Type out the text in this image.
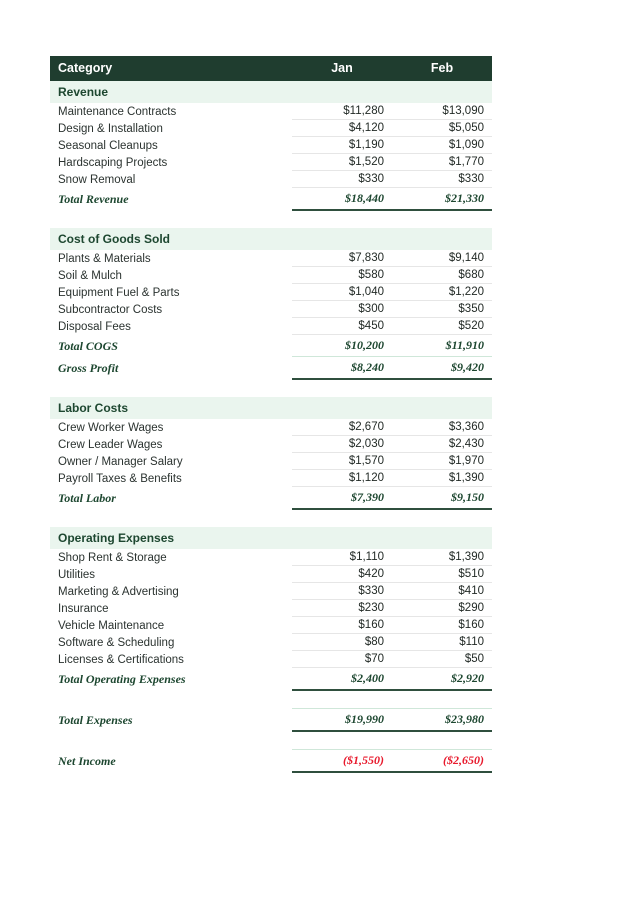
Category	Jan	Feb
Revenue		
Maintenance Contracts	$11,280	$13,090
Design & Installation	$4,120	$5,050
Seasonal Cleanups	$1,190	$1,090
Hardscaping Projects	$1,520	$1,770
Snow Removal	$330	$330
Total Revenue	$18,440	$21,330

Cost of Goods Sold		
Plants & Materials	$7,830	$9,140
Soil & Mulch	$580	$680
Equipment Fuel & Parts	$1,040	$1,220
Subcontractor Costs	$300	$350
Disposal Fees	$450	$520
Total COGS	$10,200	$11,910
Gross Profit	$8,240	$9,420

Labor Costs		
Crew Worker Wages	$2,670	$3,360
Crew Leader Wages	$2,030	$2,430
Owner / Manager Salary	$1,570	$1,970
Payroll Taxes & Benefits	$1,120	$1,390
Total Labor	$7,390	$9,150

Operating Expenses		
Shop Rent & Storage	$1,110	$1,390
Utilities	$420	$510
Marketing & Advertising	$330	$410
Insurance	$230	$290
Vehicle Maintenance	$160	$160
Software & Scheduling	$80	$110
Licenses & Certifications	$70	$50
Total Operating Expenses	$2,400	$2,920

Total Expenses	$19,990	$23,980

Net Income	($1,550)	($2,650)
